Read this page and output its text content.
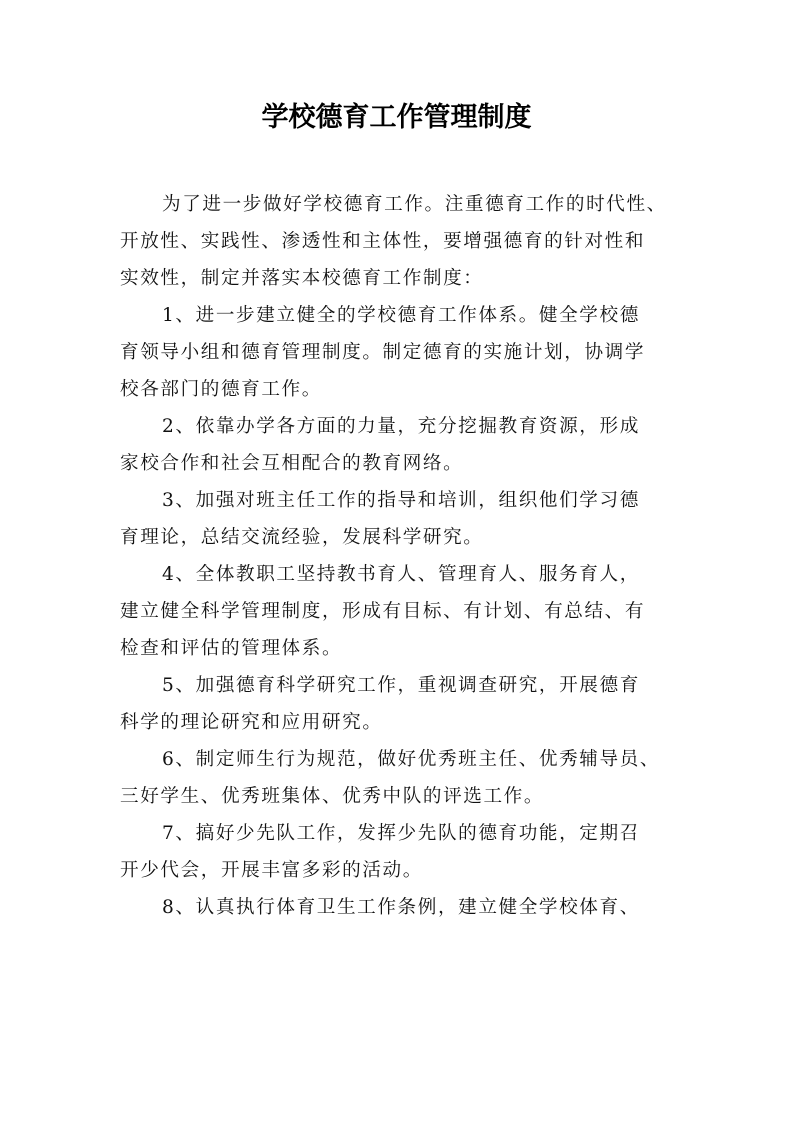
学校德育工作管理制度
为了进一步做好学校德育工作。注重德育工作的时代性、
开放性、实践性、渗透性和主体性，要增强德育的针对性和
实效性，制定并落实本校德育工作制度：
1、进一步建立健全的学校德育工作体系。健全学校德
育领导小组和德育管理制度。制定德育的实施计划，协调学
校各部门的德育工作。
2、依靠办学各方面的力量，充分挖掘教育资源，形成
家校合作和社会互相配合的教育网络。
3、加强对班主任工作的指导和培训，组织他们学习德
育理论，总结交流经验，发展科学研究。
4、全体教职工坚持教书育人、管理育人、服务育人，
建立健全科学管理制度，形成有目标、有计划、有总结、有
检查和评估的管理体系。
5、加强德育科学研究工作，重视调查研究，开展德育
科学的理论研究和应用研究。
6、制定师生行为规范，做好优秀班主任、优秀辅导员、
三好学生、优秀班集体、优秀中队的评选工作。
7、搞好少先队工作，发挥少先队的德育功能，定期召
开少代会，开展丰富多彩的活动。
8、认真执行体育卫生工作条例，建立健全学校体育、
